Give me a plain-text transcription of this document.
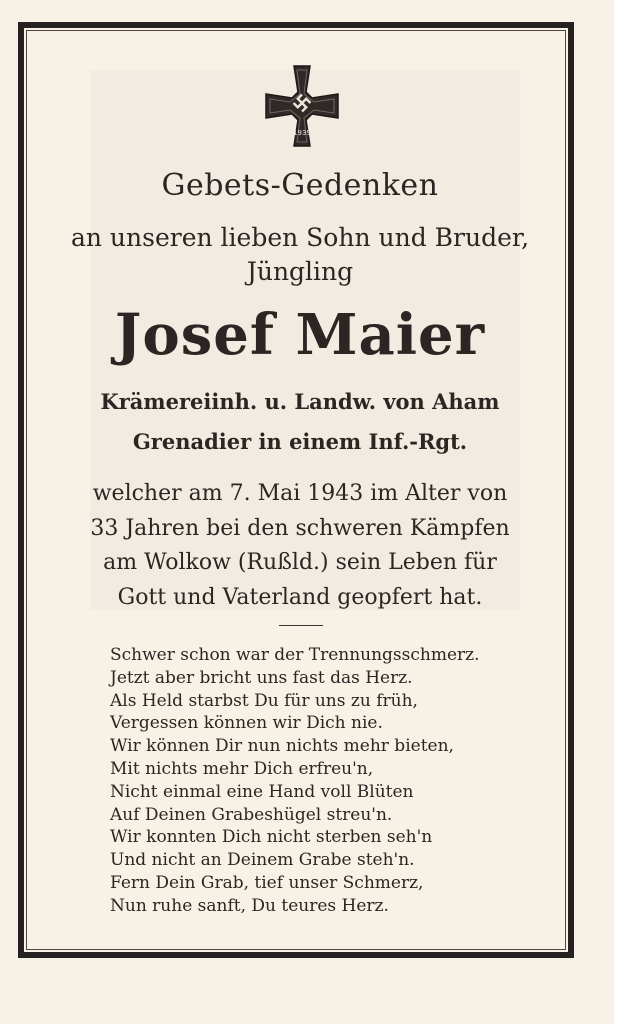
1939
Gebets-Gedenken
an unseren lieben Sohn und Bruder,
Jüngling
Josef Maier
Krämereiinh. u. Landw. von Aham
Grenadier in einem Inf.-Rgt.
welcher am 7. Mai 1943 im Alter von
33 Jahren bei den schweren Kämpfen
am Wolkow (Rußld.) sein Leben für
Gott und Vaterland geopfert hat.
Schwer schon war der Trennungsschmerz.
Jetzt aber bricht uns fast das Herz.
Als Held starbst Du für uns zu früh,
Vergessen können wir Dich nie.
Wir können Dir nun nichts mehr bieten,
Mit nichts mehr Dich erfreu'n,
Nicht einmal eine Hand voll Blüten
Auf Deinen Grabeshügel streu'n.
Wir konnten Dich nicht sterben seh'n
Und nicht an Deinem Grabe steh'n.
Fern Dein Grab, tief unser Schmerz,
Nun ruhe sanft, Du teures Herz.
